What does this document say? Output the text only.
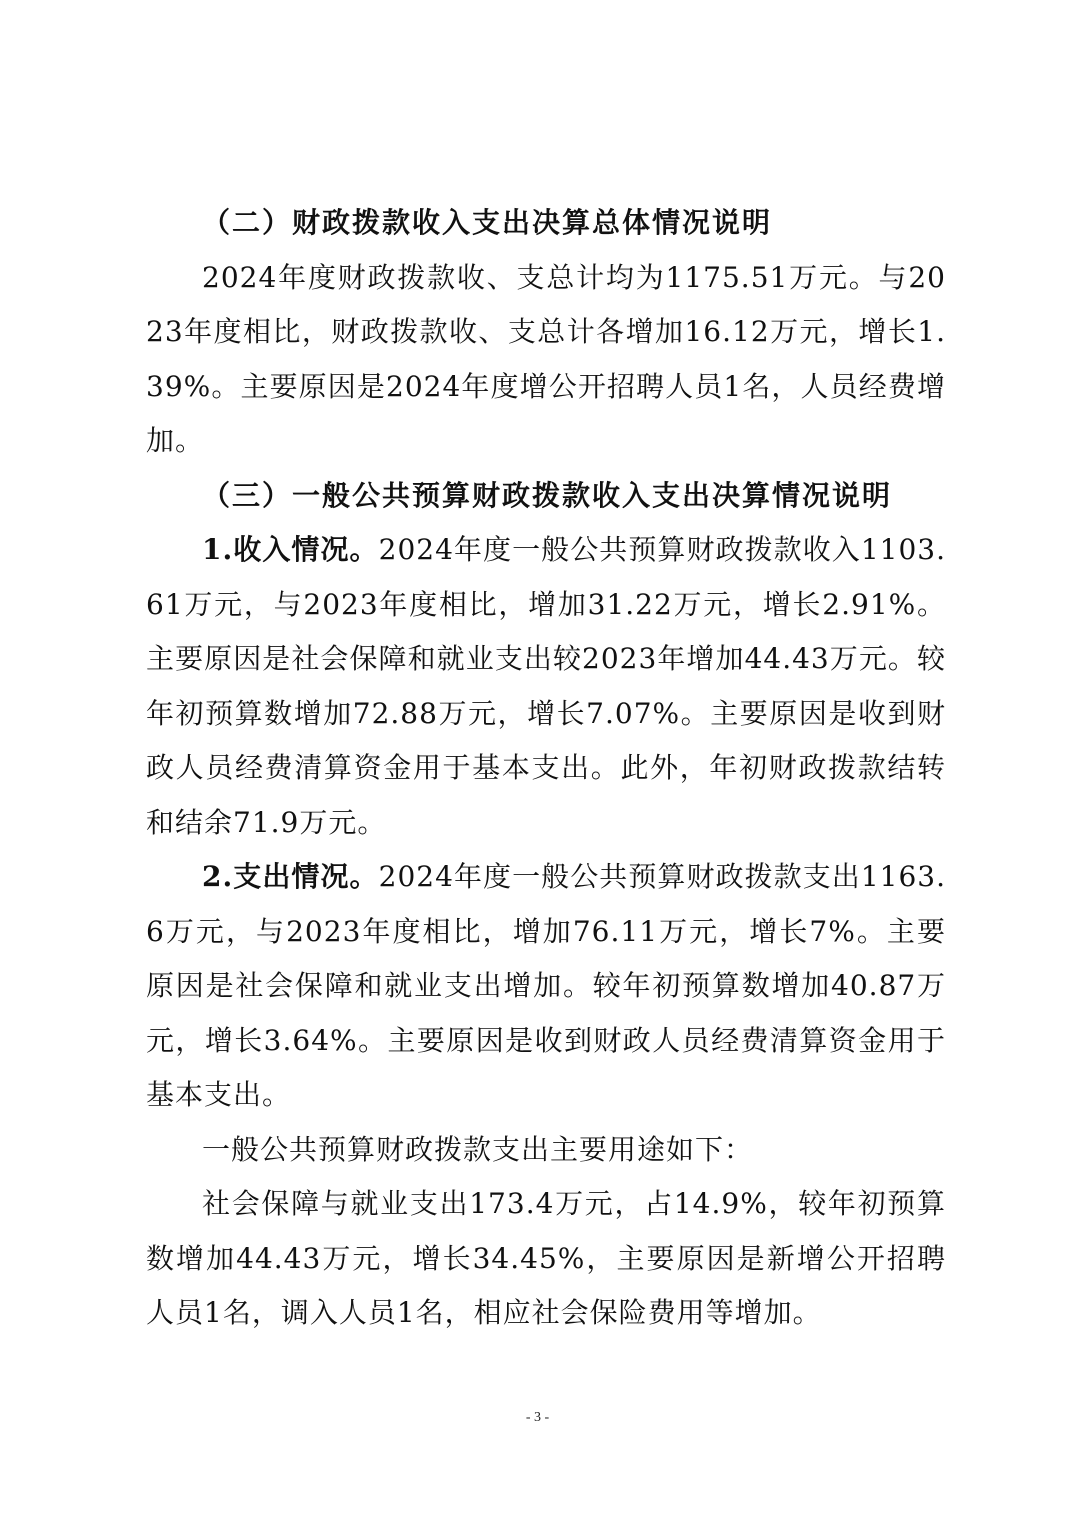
（二）财政拨款收入支出决算总体情况说明

2024年度财政拨款收、支总计均为1175.51万元。与2023年度相比，财政拨款收、支总计各增加16.12万元，增长1.39%。主要原因是2024年度增公开招聘人员1名，人员经费增加。

（三）一般公共预算财政拨款收入支出决算情况说明

1.收入情况。2024年度一般公共预算财政拨款收入1103.61万元，与2023年度相比，增加31.22万元，增长2.91%。主要原因是社会保障和就业支出较2023年增加44.43万元。较年初预算数增加72.88万元，增长7.07%。主要原因是收到财政人员经费清算资金用于基本支出。此外，年初财政拨款结转和结余71.9万元。

2.支出情况。2024年度一般公共预算财政拨款支出1163.6万元，与2023年度相比，增加76.11万元，增长7%。主要原因是社会保障和就业支出增加。较年初预算数增加40.87万元，增长3.64%。主要原因是收到财政人员经费清算资金用于基本支出。

一般公共预算财政拨款支出主要用途如下：

社会保障与就业支出173.4万元，占14.9%，较年初预算数增加44.43万元，增长34.45%，主要原因是新增公开招聘人员1名，调入人员1名，相应社会保险费用等增加。

- 3 -
